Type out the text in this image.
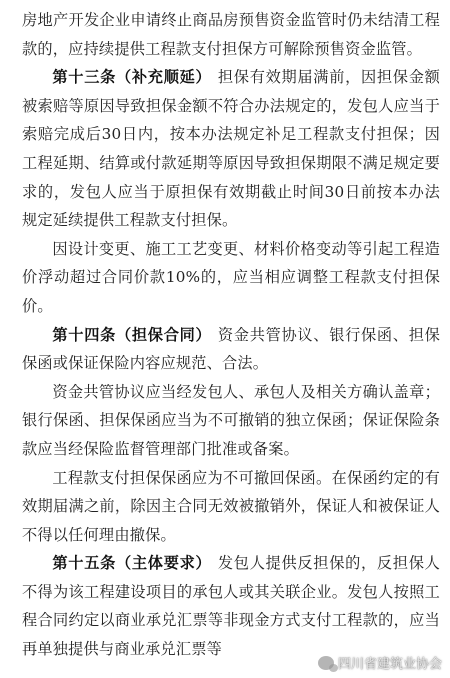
房地产开发企业申请终止商品房预售资金监管时仍未结清工程款的，应持续提供工程款支付担保方可解除预售资金监管。

第十三条（补充顺延） 担保有效期届满前，因担保金额被索赔等原因导致担保金额不符合办法规定的，发包人应当于索赔完成后30日内，按本办法规定补足工程款支付担保；因工程延期、结算或付款延期等原因导致担保期限不满足规定要求的，发包人应当于原担保有效期截止时间30日前按本办法规定延续提供工程款支付担保。

因设计变更、施工工艺变更、材料价格变动等引起工程造价浮动超过合同价款10%的，应当相应调整工程款支付担保价。

第十四条（担保合同） 资金共管协议、银行保函、担保保函或保证保险内容应规范、合法。

资金共管协议应当经发包人、承包人及相关方确认盖章；银行保函、担保保函应当为不可撤销的独立保函；保证保险条款应当经保险监督管理部门批准或备案。

工程款支付担保保函应为不可撤回保函。在保函约定的有效期届满之前，除因主合同无效被撤销外，保证人和被保证人不得以任何理由撤保。

第十五条（主体要求） 发包人提供反担保的，反担保人不得为该工程建设项目的承包人或其关联企业。发包人按照工程合同约定以商业承兑汇票等非现金方式支付工程款的，应当再单独提供与商业承兑汇票等

四川省建筑业协会
